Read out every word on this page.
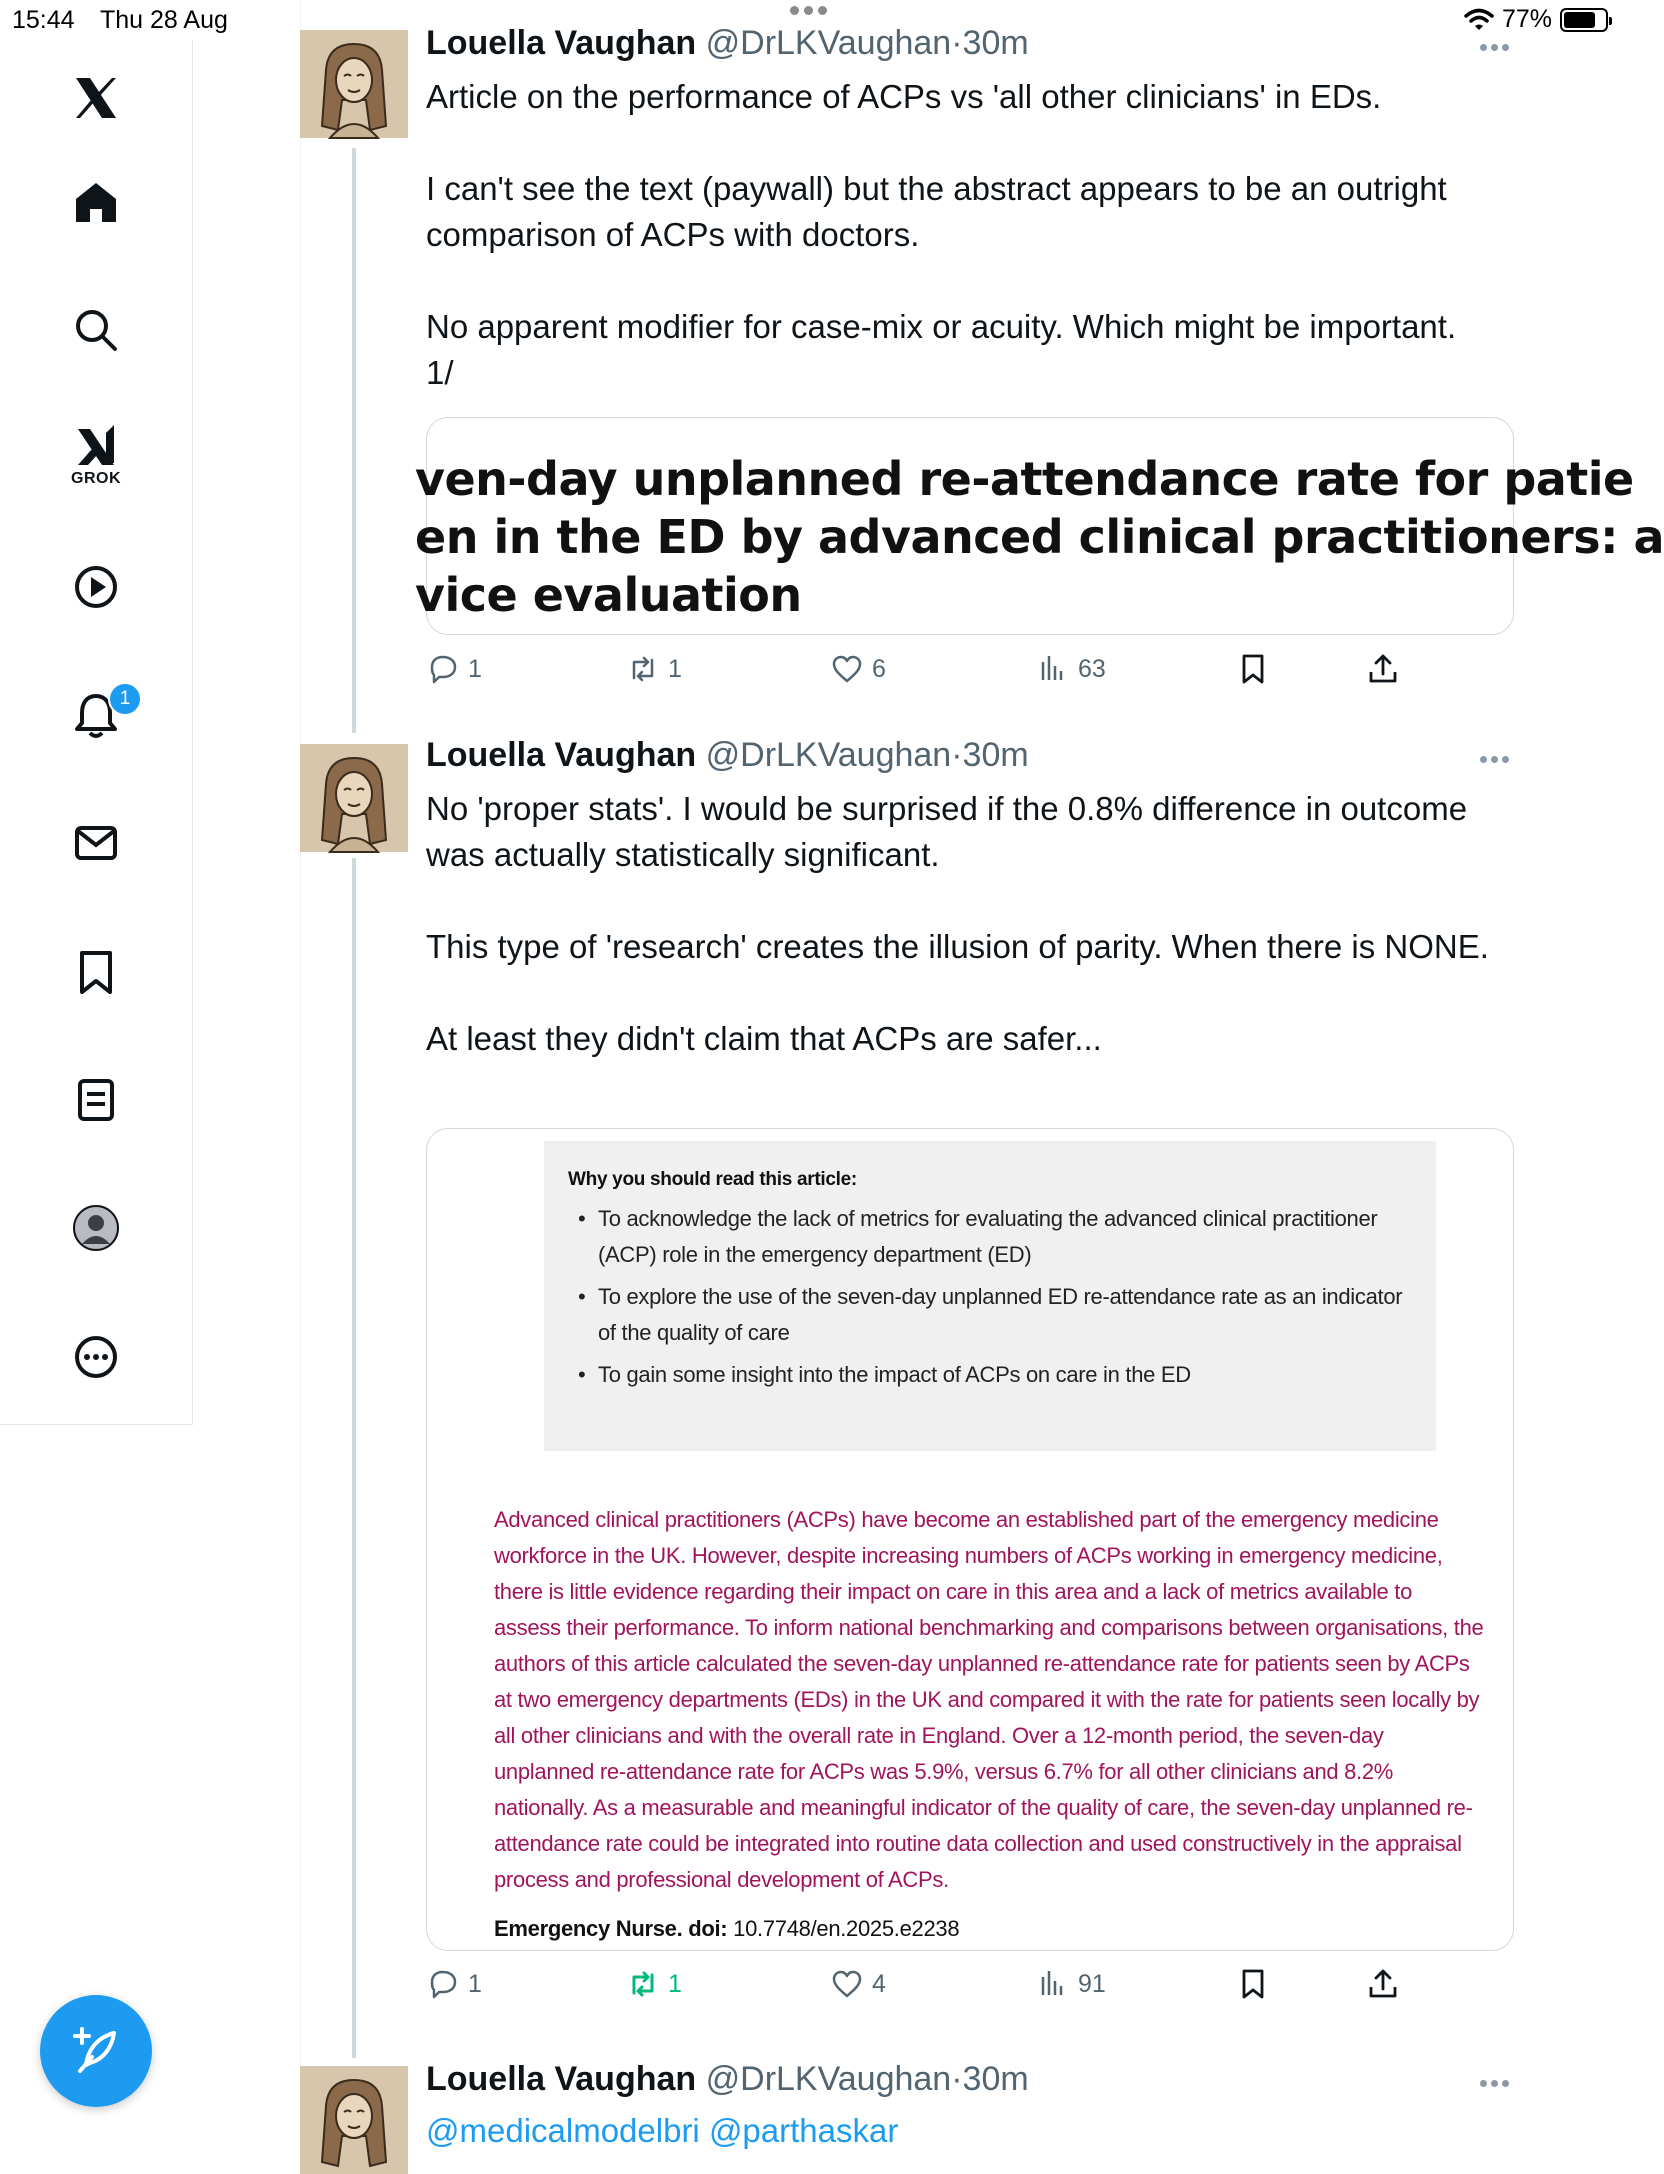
15:44 Thu 28 Aug	77%
GROK
1
Louella Vaughan @DrLKVaughan·30m

Article on the performance of ACPs vs 'all other clinicians' in EDs.

I can't see the text (paywall) but the abstract appears to be an outright comparison of ACPs with doctors.

No apparent modifier for case-mix or acuity. Which might be important.
1/

ven-day unplanned re-attendance rate for patie
en in the ED by advanced clinical practitioners: a
vice evaluation
1	1	6	63
Louella Vaughan @DrLKVaughan·30m

No 'proper stats'. I would be surprised if the 0.8% difference in outcome was actually statistically significant.

This type of 'research' creates the illusion of parity. When there is NONE.

At least they didn't claim that ACPs are safer...

Why you should read this article:
• To acknowledge the lack of metrics for evaluating the advanced clinical practitioner (ACP) role in the emergency department (ED)
• To explore the use of the seven-day unplanned ED re-attendance rate as an indicator of the quality of care
• To gain some insight into the impact of ACPs on care in the ED
Advanced clinical practitioners (ACPs) have become an established part of the emergency medicine workforce in the UK. However, despite increasing numbers of ACPs working in emergency medicine, there is little evidence regarding their impact on care in this area and a lack of metrics available to assess their performance. To inform national benchmarking and comparisons between organisations, the authors of this article calculated the seven-day unplanned re-attendance rate for patients seen by ACPs at two emergency departments (EDs) in the UK and compared it with the rate for patients seen locally by all other clinicians and with the overall rate in England. Over a 12-month period, the seven-day unplanned re-attendance rate for ACPs was 5.9%, versus 6.7% for all other clinicians and 8.2% nationally. As a measurable and meaningful indicator of the quality of care, the seven-day unplanned re-attendance rate could be integrated into routine data collection and used constructively in the appraisal process and professional development of ACPs.
Emergency Nurse. doi: 10.7748/en.2025.e2238
1	1	4	91
Louella Vaughan @DrLKVaughan·30m

@medicalmodelbri @parthaskar
